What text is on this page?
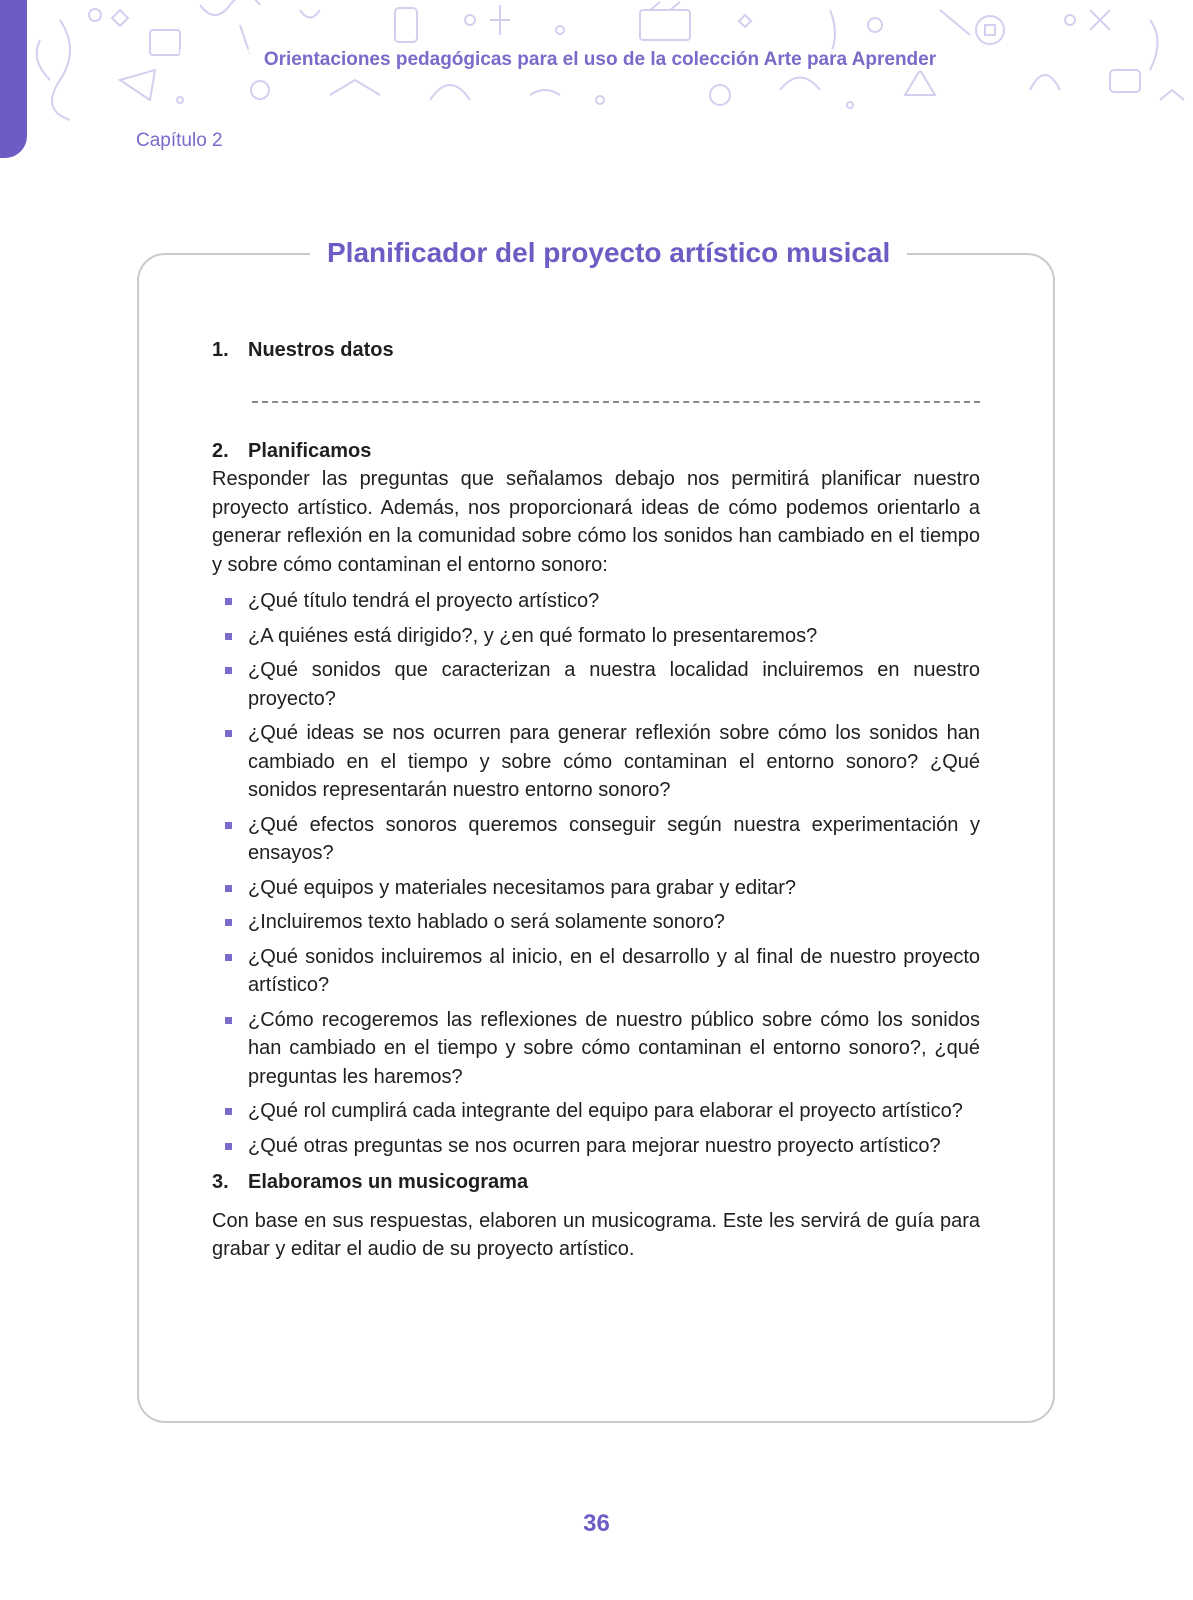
Orientaciones pedagógicas para el uso de la colección Arte para Aprender
Capítulo 2
Planificador del proyecto artístico musical
1. Nuestros datos
2. Planificamos
Responder las preguntas que señalamos debajo nos permitirá planificar nuestro proyecto artístico. Además, nos proporcionará ideas de cómo podemos orientarlo a generar reflexión en la comunidad sobre cómo los sonidos han cambiado en el tiempo y sobre cómo contaminan el entorno sonoro:
¿Qué título tendrá el proyecto artístico?
¿A quiénes está dirigido?, y ¿en qué formato lo presentaremos?
¿Qué sonidos que caracterizan a nuestra localidad incluiremos en nuestro proyecto?
¿Qué ideas se nos ocurren para generar reflexión sobre cómo los sonidos han cambiado en el tiempo y sobre cómo contaminan el entorno sonoro? ¿Qué sonidos representarán nuestro entorno sonoro?
¿Qué efectos sonoros queremos conseguir según nuestra experimentación y ensayos?
¿Qué equipos y materiales necesitamos para grabar y editar?
¿Incluiremos texto hablado o será solamente sonoro?
¿Qué sonidos incluiremos al inicio, en el desarrollo y al final de nuestro proyecto artístico?
¿Cómo recogeremos las reflexiones de nuestro público sobre cómo los sonidos han cambiado en el tiempo y sobre cómo contaminan el entorno sonoro?, ¿qué preguntas les haremos?
¿Qué rol cumplirá cada integrante del equipo para elaborar el proyecto artístico?
¿Qué otras preguntas se nos ocurren para mejorar nuestro proyecto artístico?
3. Elaboramos un musicograma
Con base en sus respuestas, elaboren un musicograma. Este les servirá de guía para grabar y editar el audio de su proyecto artístico.
36
